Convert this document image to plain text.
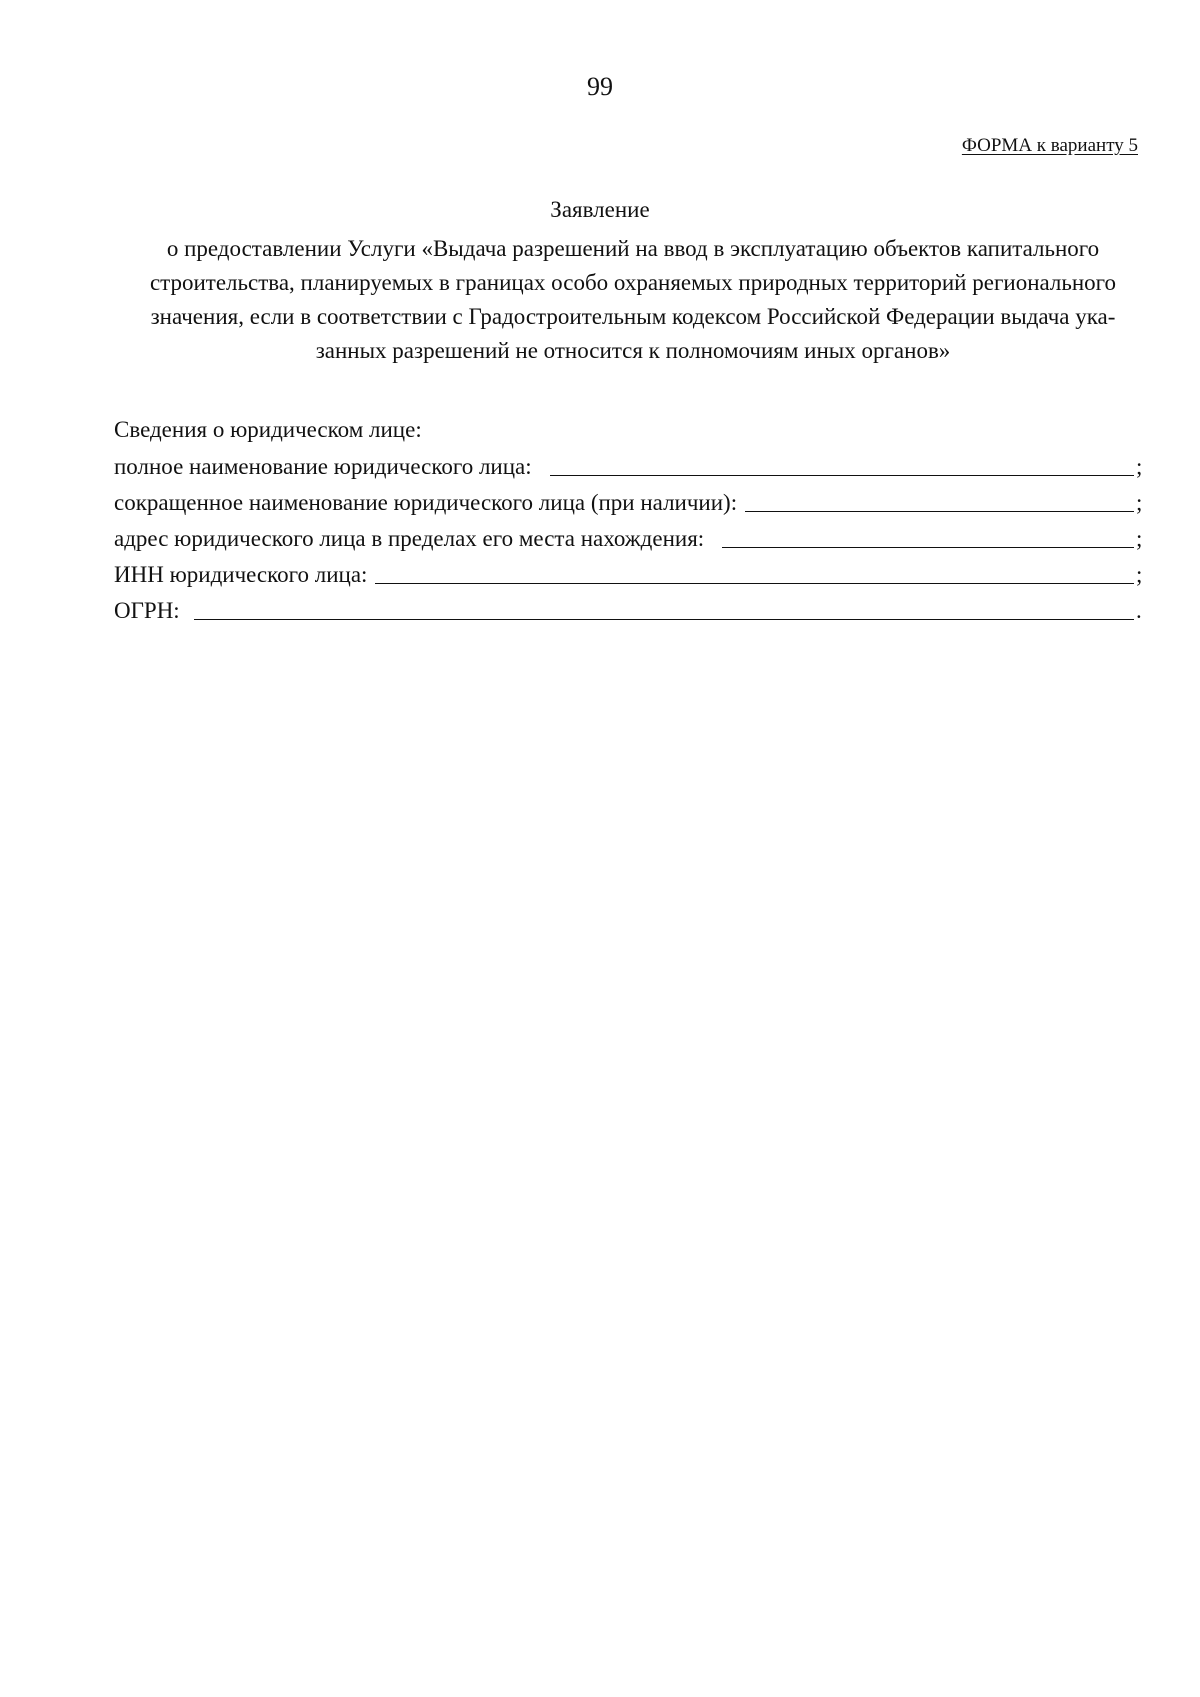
99
ФОРМА к варианту 5
Заявление
о предоставлении Услуги «Выдача разрешений на ввод в эксплуатацию объектов капитального
строительства, планируемых в границах особо охраняемых природных территорий регионального
значения, если в соответствии с Градостроительным кодексом Российской Федерации выдача ука-
занных разрешений не относится к полномочиям иных органов»
Сведения о юридическом лице:
полное наименование юридического лица:	;
сокращенное наименование юридического лица (при наличии):	;
адрес юридического лица в пределах его места нахождения:	;
ИНН юридического лица:	;
ОГРН:	.
